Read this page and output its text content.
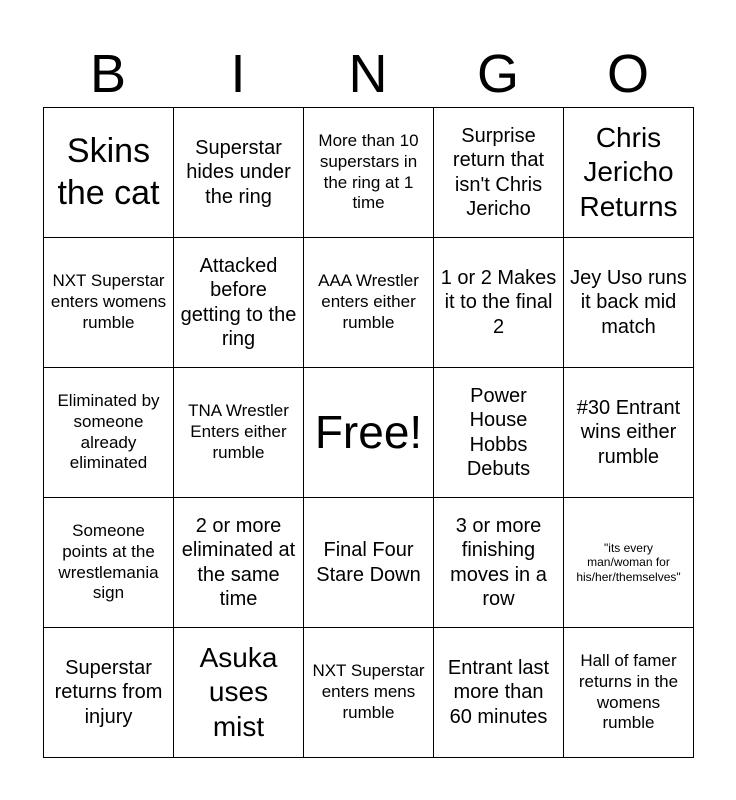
B	I	N	G	O
Skins the cat	Superstar hides under the ring	More than 10 superstars in the ring at 1 time	Surprise return that isn't Chris Jericho	Chris Jericho Returns
NXT Superstar enters womens rumble	Attacked before getting to the ring	AAA Wrestler enters either rumble	1 or 2 Makes it to the final 2	Jey Uso runs it back mid match
Eliminated by someone already eliminated	TNA Wrestler Enters either rumble	Free!	Power House Hobbs Debuts	#30 Entrant wins either rumble
Someone points at the wrestlemania sign	2 or more eliminated at the same time	Final Four Stare Down	3 or more finishing moves in a row	"its every man/woman for his/her/themselves"
Superstar returns from injury	Asuka uses mist	NXT Superstar enters mens rumble	Entrant last more than 60 minutes	Hall of famer returns in the womens rumble
